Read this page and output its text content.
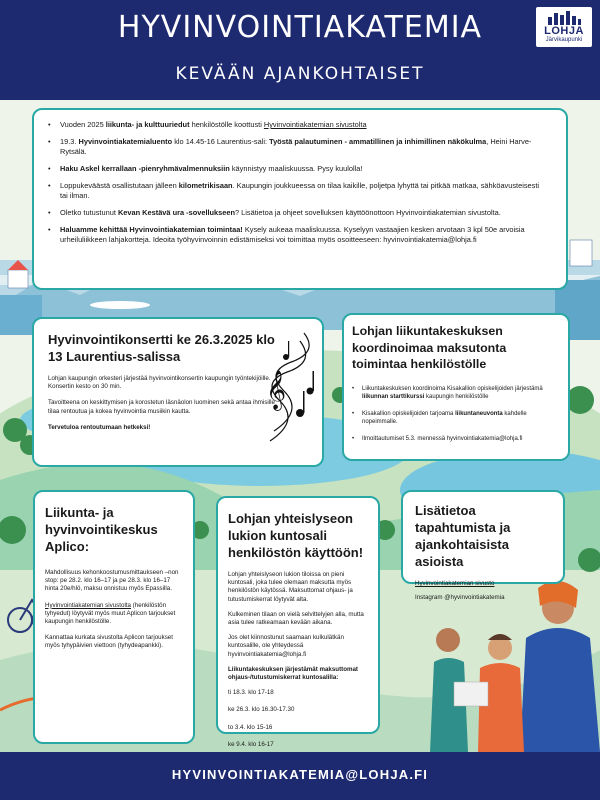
HYVINVOINTIAKATEMIA
KEVÄÄN AJANKOHTAISET
LOHJA
Järvikaupunki
• Vuoden 2025 liikunta- ja kulttuuriedut henkilöstölle koottusti Hyvinvointiakatemian sivustolta
• 19.3. Hyvinvointiakatemialuento klo 14.45-16 Laurentius-sali: Työstä palautuminen - ammatillinen ja inhimillinen näkökulma, Heini Harve-Rytsälä.
• Haku Askel kerrallaan -pienryhmävalmennuksiin käynnistyy maaliskuussa. Pysy kuulolla!
• Loppukeväästä osallistutaan jälleen kilometrikisaan. Kaupungin joukkueessa on tilaa kaikille, poljetpa lyhyttä tai pitkää matkaa, sähköavusteisesti tai ilman.
• Oletko tutustunut Kevan Kestävä ura -sovellukseen? Lisätietoa ja ohjeet sovelluksen käyttöönottoon Hyvinvointiakatemian sivustolta.
• Haluamme kehittää Hyvinvointiakatemian toimintaa! Kysely aukeaa maaliskuussa. Kyselyyn vastaajien kesken arvotaan 3 kpl 50e arvoisia urheiluliikkeen lahjakortteja. Ideoita työhyvinvoinnin edistämiseksi voi toimittaa myös osoitteeseen: hyvinvointiakatemia@lohja.fi
Hyvinvointikonsertti ke 26.3.2025 klo 13 Laurentius-salissa

Lohjan kaupungin orkesteri järjestää hyvinvointikonsertin kaupungin työntekijöille. Konsertin kesto on 30 min.

Tavoitteena on keskittymisen ja korostetun läsnäolon luominen sekä antaa ihmisille tilaa rentoutua ja kokea hyvinvointia musiikin kautta.

Tervetuloa rentoutumaan hetkeksi!

𝄞
Lohjan liikuntakeskuksen koordinoimaa maksutonta toimintaa henkilöstölle
• Liikuntakeskuksen koordinoima Kisakallion opiskelijoiden järjestämä liikunnan starttikurssi kaupungin henkilöstölle
• Kisakallion opiskelijoiden tarjoama liikuntaneuvonta kahdelle nopeimmalle.
• Ilmoittautumiset 5.3. mennessä hyvinvointiakatemia@lohja.fi
Liikunta- ja hyvinvointikeskus Aplico:

Mahdollisuus kehonkoostumusmittaukseen –non stop: pe 28.2. klo 16–17 ja pe 28.3. klo 16–17 hinta 20e/hlö, maksu onnistuu myös Epassilla.

Hyvinvointiakatemian sivustolta (henkilöstön tyhyedut) löytyvät myös muut Aplicon tarjoukset kaupungin henkilöstölle.

Kannattaa kurkata sivustolta Aplicon tarjoukset myös tyhypäivien viettoon (tyhydeapankki).

Lohjan yhteislyseon lukion kuntosali henkilöstön käyttöön!

Lohjan yhteislyseon lukion tiloissa on pieni kuntosali, joka tulee olemaan maksutta myös henkilöstön käytössä. Maksuttomat ohjaus- ja tutustumiskerrat löytyvät alta.

Kulkeminen tilaan on vielä selvittelyjen alla, mutta asia tulee ratkeamaan kevään aikana.

Jos olet kiinnostunut saamaan kulkulätkän kuntosalille, ole yhteydessä hyvinvointiakatemia@lohja.fi

Liikuntakeskuksen järjestämät maksuttomat ohjaus-/tutustumiskerrat kuntosalilla:

ti 18.3. klo 17-18

ke 26.3. klo 16.30-17.30

to 3.4. klo 15-16

ke 9.4. klo 16-17

Lisätietoa tapahtumista ja ajankohtaisista asioista

Hyvinvointiakatemian sivusto

Instagram @hyvinvointiakatemia

HYVINVOINTIAKATEMIA@LOHJA.FI
